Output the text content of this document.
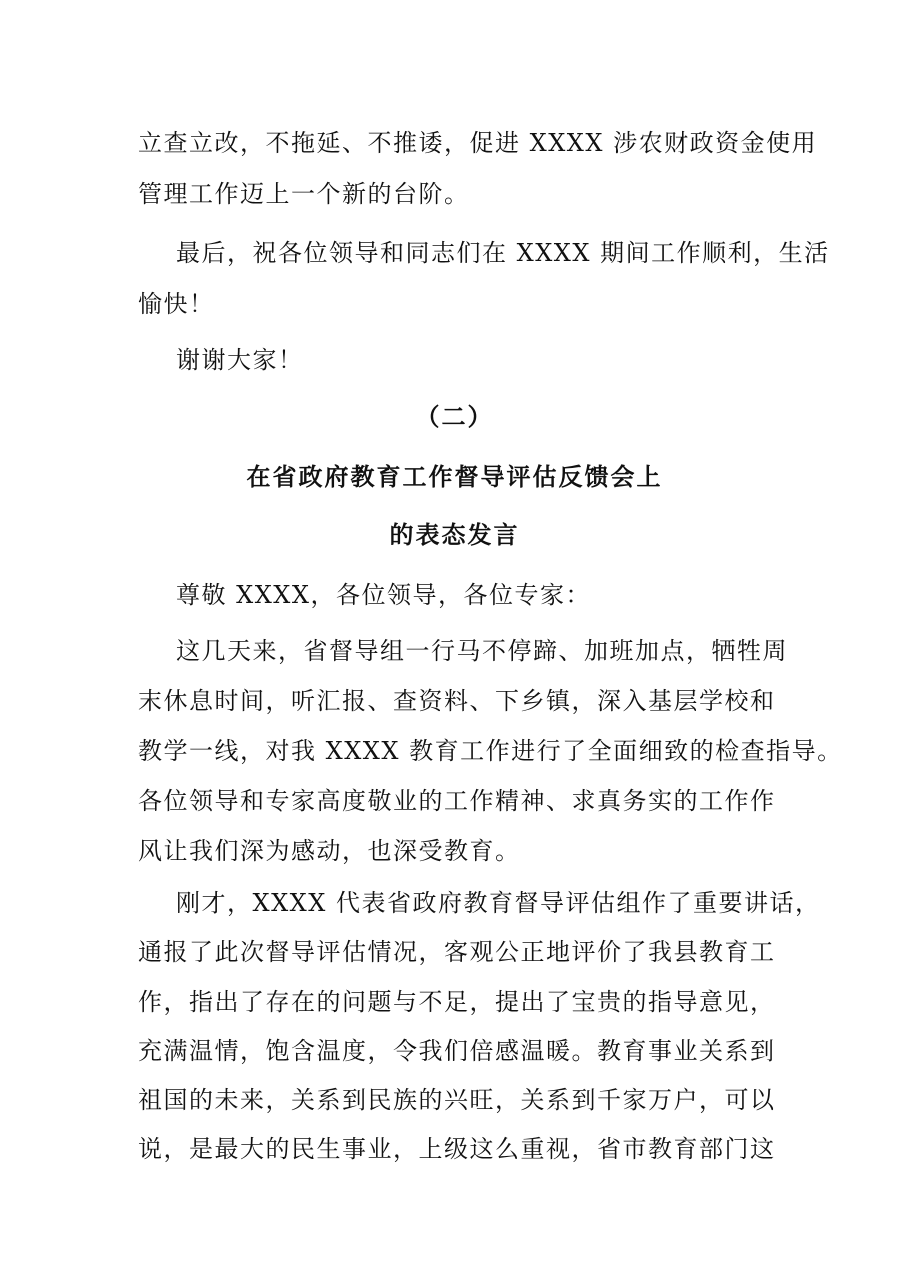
立查立改，不拖延、不推诿，促进 XXXX 涉农财政资金使用
管理工作迈上一个新的台阶。
最后，祝各位领导和同志们在 XXXX 期间工作顺利，生活
愉快！
谢谢大家！
（二）
在省政府教育工作督导评估反馈会上
的表态发言
尊敬 XXXX，各位领导，各位专家：
这几天来，省督导组一行马不停蹄、加班加点，牺牲周
末休息时间，听汇报、查资料、下乡镇，深入基层学校和
教学一线，对我 XXXX 教育工作进行了全面细致的检查指导。
各位领导和专家高度敬业的工作精神、求真务实的工作作
风让我们深为感动，也深受教育。
刚才，XXXX 代表省政府教育督导评估组作了重要讲话，
通报了此次督导评估情况，客观公正地评价了我县教育工
作，指出了存在的问题与不足，提出了宝贵的指导意见，
充满温情，饱含温度，令我们倍感温暖。教育事业关系到
祖国的未来，关系到民族的兴旺，关系到千家万户，可以
说，是最大的民生事业，上级这么重视，省市教育部门这
